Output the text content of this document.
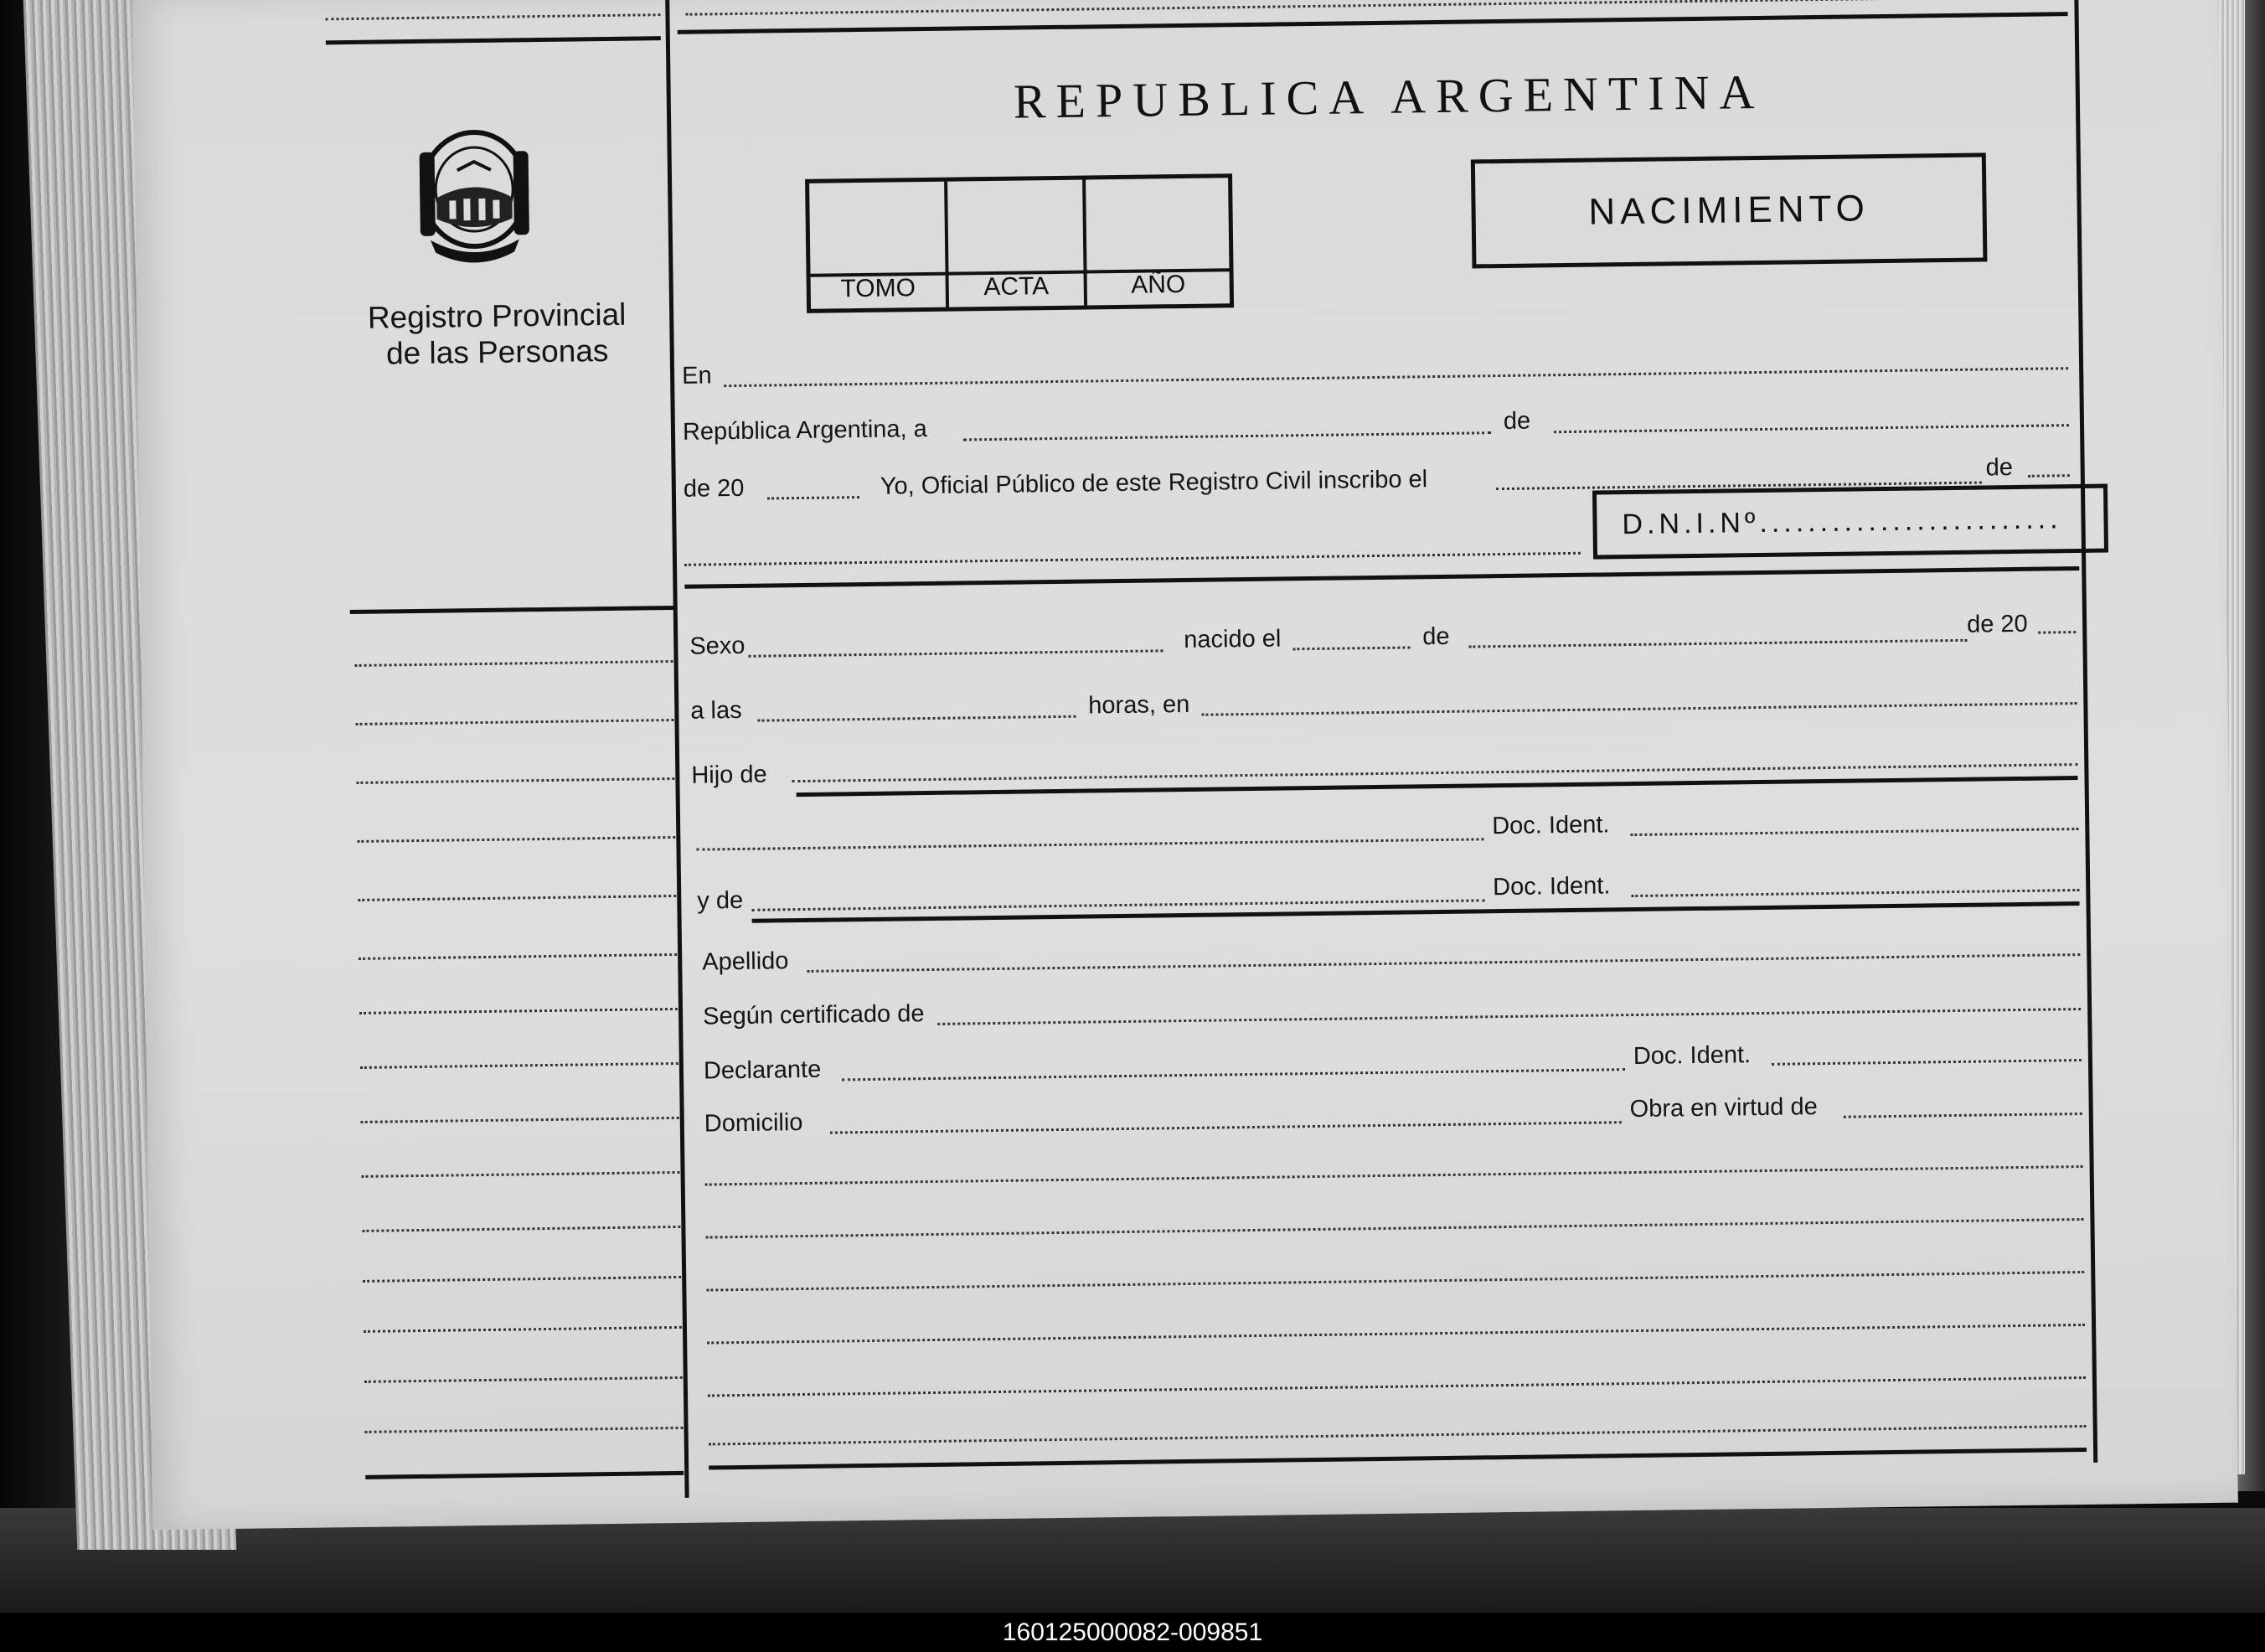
Registro Provincial
de las Personas
REPUBLICA ARGENTINA
TOMO	ACTA	AÑO
NACIMIENTO
En
República Argentina, a	de
de 20	Yo, Oficial Público de este Registro Civil inscribo el	de
D.N.I.Nº.........................
Sexo	nacido el	de	de 20
a las	horas, en
Hijo de
Doc. Ident.
y de
Doc. Ident.
Apellido
Según certificado de
Declarante
Doc. Ident.
Domicilio
Obra en virtud de
160125000082-009851
